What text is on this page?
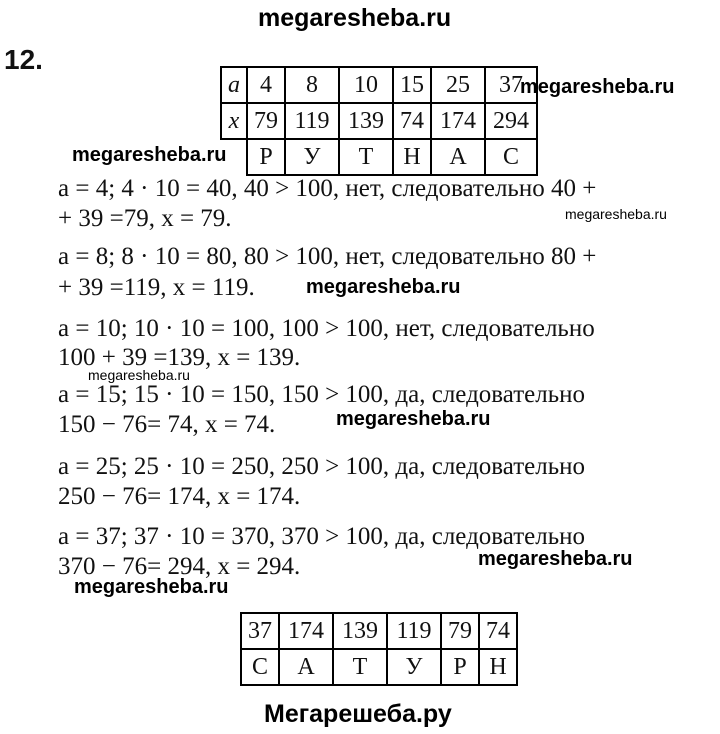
megaresheba.ru
12.
a	4	8	10	15	25	37
x	79	119	139	74	174	294
	Р	У	Т	Н	А	С
megaresheba.ru
megaresheba.ru
a = 4; 4 · 10 = 40, 40 > 100, нет, следовательно 40 +
+ 39 =79, x = 79.	megaresheba.ru
a = 8; 8 · 10 = 80, 80 > 100, нет, следовательно 80 +
+ 39 =119, x = 119.	megaresheba.ru
a = 10; 10 · 10 = 100, 100 > 100, нет, следовательно
100 + 39 =139, x = 139.
megaresheba.ru
a = 15; 15 · 10 = 150, 150 > 100, да, следовательно
150 − 76= 74, x = 74.	megaresheba.ru
a = 25; 25 · 10 = 250, 250 > 100, да, следовательно
250 − 76= 174, x = 174.
a = 37; 37 · 10 = 370, 370 > 100, да, следовательно
370 − 76= 294, x = 294.	megaresheba.ru
megaresheba.ru
37	174	139	119	79	74
С	А	Т	У	Р	Н
Мегарешеба.ру
